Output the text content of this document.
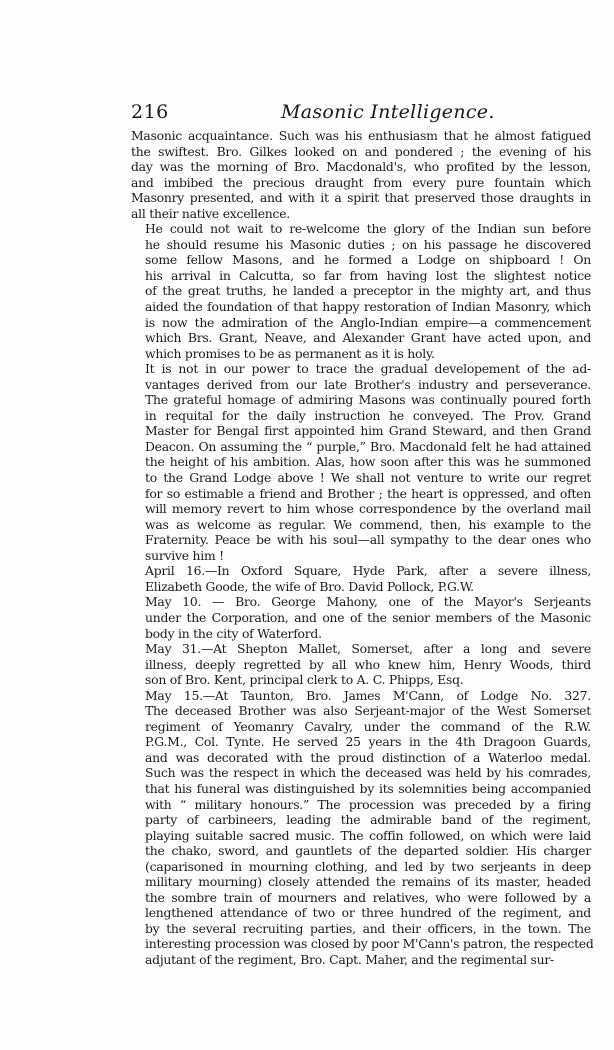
216	Masonic Intelligence.
Masonic acquaintance. Such was his enthusiasm that he almost fatigued
the swiftest. Bro. Gilkes looked on and pondered ; the evening of his
day was the morning of Bro. Macdonald's, who profited by the lesson,
and imbibed the precious draught from every pure fountain which
Masonry presented, and with it a spirit that preserved those draughts in
all their native excellence.
He could not wait to re-welcome the glory of the Indian sun before
he should resume his Masonic duties ; on his passage he discovered
some fellow Masons, and he formed a Lodge on shipboard ! On
his arrival in Calcutta, so far from having lost the slightest notice
of the great truths, he landed a preceptor in the mighty art, and thus
aided the foundation of that happy restoration of Indian Masonry, which
is now the admiration of the Anglo-Indian empire—a commencement
which Brs. Grant, Neave, and Alexander Grant have acted upon, and
which promises to be as permanent as it is holy.
It is not in our power to trace the gradual developement of the ad-
vantages derived from our late Brother's industry and perseverance.
The grateful homage of admiring Masons was continually poured forth
in requital for the daily instruction he conveyed. The Prov. Grand
Master for Bengal first appointed him Grand Steward, and then Grand
Deacon. On assuming the “ purple,” Bro. Macdonald felt he had attained
the height of his ambition. Alas, how soon after this was he summoned
to the Grand Lodge above ! We shall not venture to write our regret
for so estimable a friend and Brother ; the heart is oppressed, and often
will memory revert to him whose correspondence by the overland mail
was as welcome as regular. We commend, then, his example to the
Fraternity. Peace be with his soul—all sympathy to the dear ones who
survive him !
April 16.—In Oxford Square, Hyde Park, after a severe illness,
Elizabeth Goode, the wife of Bro. David Pollock, P.G.W.
May 10. — Bro. George Mahony, one of the Mayor's Serjeants
under the Corporation, and one of the senior members of the Masonic
body in the city of Waterford.
May 31.—At Shepton Mallet, Somerset, after a long and severe
illness, deeply regretted by all who knew him, Henry Woods, third
son of Bro. Kent, principal clerk to A. C. Phipps, Esq.
May 15.—At Taunton, Bro. James M'Cann, of Lodge No. 327.
The deceased Brother was also Serjeant-major of the West Somerset
regiment of Yeomanry Cavalry, under the command of the R.W.
P.G.M., Col. Tynte. He served 25 years in the 4th Dragoon Guards,
and was decorated with the proud distinction of a Waterloo medal.
Such was the respect in which the deceased was held by his comrades,
that his funeral was distinguished by its solemnities being accompanied
with “ military honours.” The procession was preceded by a firing
party of carbineers, leading the admirable band of the regiment,
playing suitable sacred music. The coffin followed, on which were laid
the chako, sword, and gauntlets of the departed soldier. His charger
(caparisoned in mourning clothing, and led by two serjeants in deep
military mourning) closely attended the remains of its master, headed
the sombre train of mourners and relatives, who were followed by a
lengthened attendance of two or three hundred of the regiment, and
by the several recruiting parties, and their officers, in the town. The
interesting procession was closed by poor M'Cann's patron, the respected
adjutant of the regiment, Bro. Capt. Maher, and the regimental sur-
